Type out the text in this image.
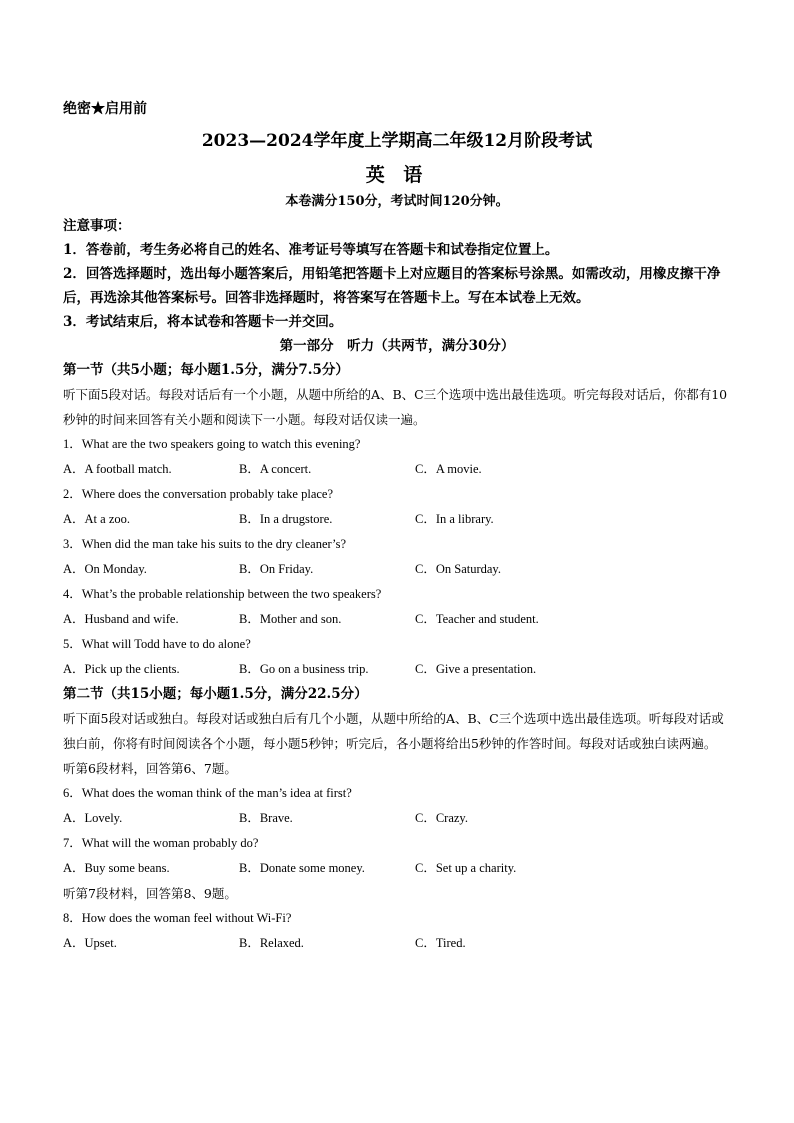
绝密★启用前
2023—2024学年度上学期高二年级12月阶段考试
英 语
本卷满分150分，考试时间120分钟。
注意事项：
1．答卷前，考生务必将自己的姓名、准考证号等填写在答题卡和试卷指定位置上。
2．回答选择题时，选出每小题答案后，用铅笔把答题卡上对应题目的答案标号涂黑。如需改动，用橡皮擦干净后，再选涂其他答案标号。回答非选择题时，将答案写在答题卡上。写在本试卷上无效。
3．考试结束后，将本试卷和答题卡一并交回。
第一部分　听力（共两节，满分30分）
第一节（共5小题；每小题1.5分，满分7.5分）
听下面5段对话。每段对话后有一个小题，从题中所给的A、B、C三个选项中选出最佳选项。听完每段对话后，你都有10秒钟的时间来回答有关小题和阅读下一小题。每段对话仅读一遍。
1．What are the two speakers going to watch this evening?
A．A football match.	B．A concert.	C．A movie.
2．Where does the conversation probably take place?
A．At a zoo.	B．In a drugstore.	C．In a library.
3．When did the man take his suits to the dry cleaner’s?
A．On Monday.	B．On Friday.	C．On Saturday.
4．What’s the probable relationship between the two speakers?
A．Husband and wife.	B．Mother and son.	C．Teacher and student.
5．What will Todd have to do alone?
A．Pick up the clients.	B．Go on a business trip.	C．Give a presentation.
第二节（共15小题；每小题1.5分，满分22.5分）
听下面5段对话或独白。每段对话或独白后有几个小题，从题中所给的A、B、C三个选项中选出最佳选项。听每段对话或独白前，你将有时间阅读各个小题，每小题5秒钟；听完后，各小题将给出5秒钟的作答时间。每段对话或独白读两遍。
听第6段材料，回答第6、7题。
6．What does the woman think of the man’s idea at first?
A．Lovely.	B．Brave.	C．Crazy.
7．What will the woman probably do?
A．Buy some beans.	B．Donate some money.	C．Set up a charity.
听第7段材料，回答第8、9题。
8．How does the woman feel without Wi-Fi?
A．Upset.	B．Relaxed.	C．Tired.
